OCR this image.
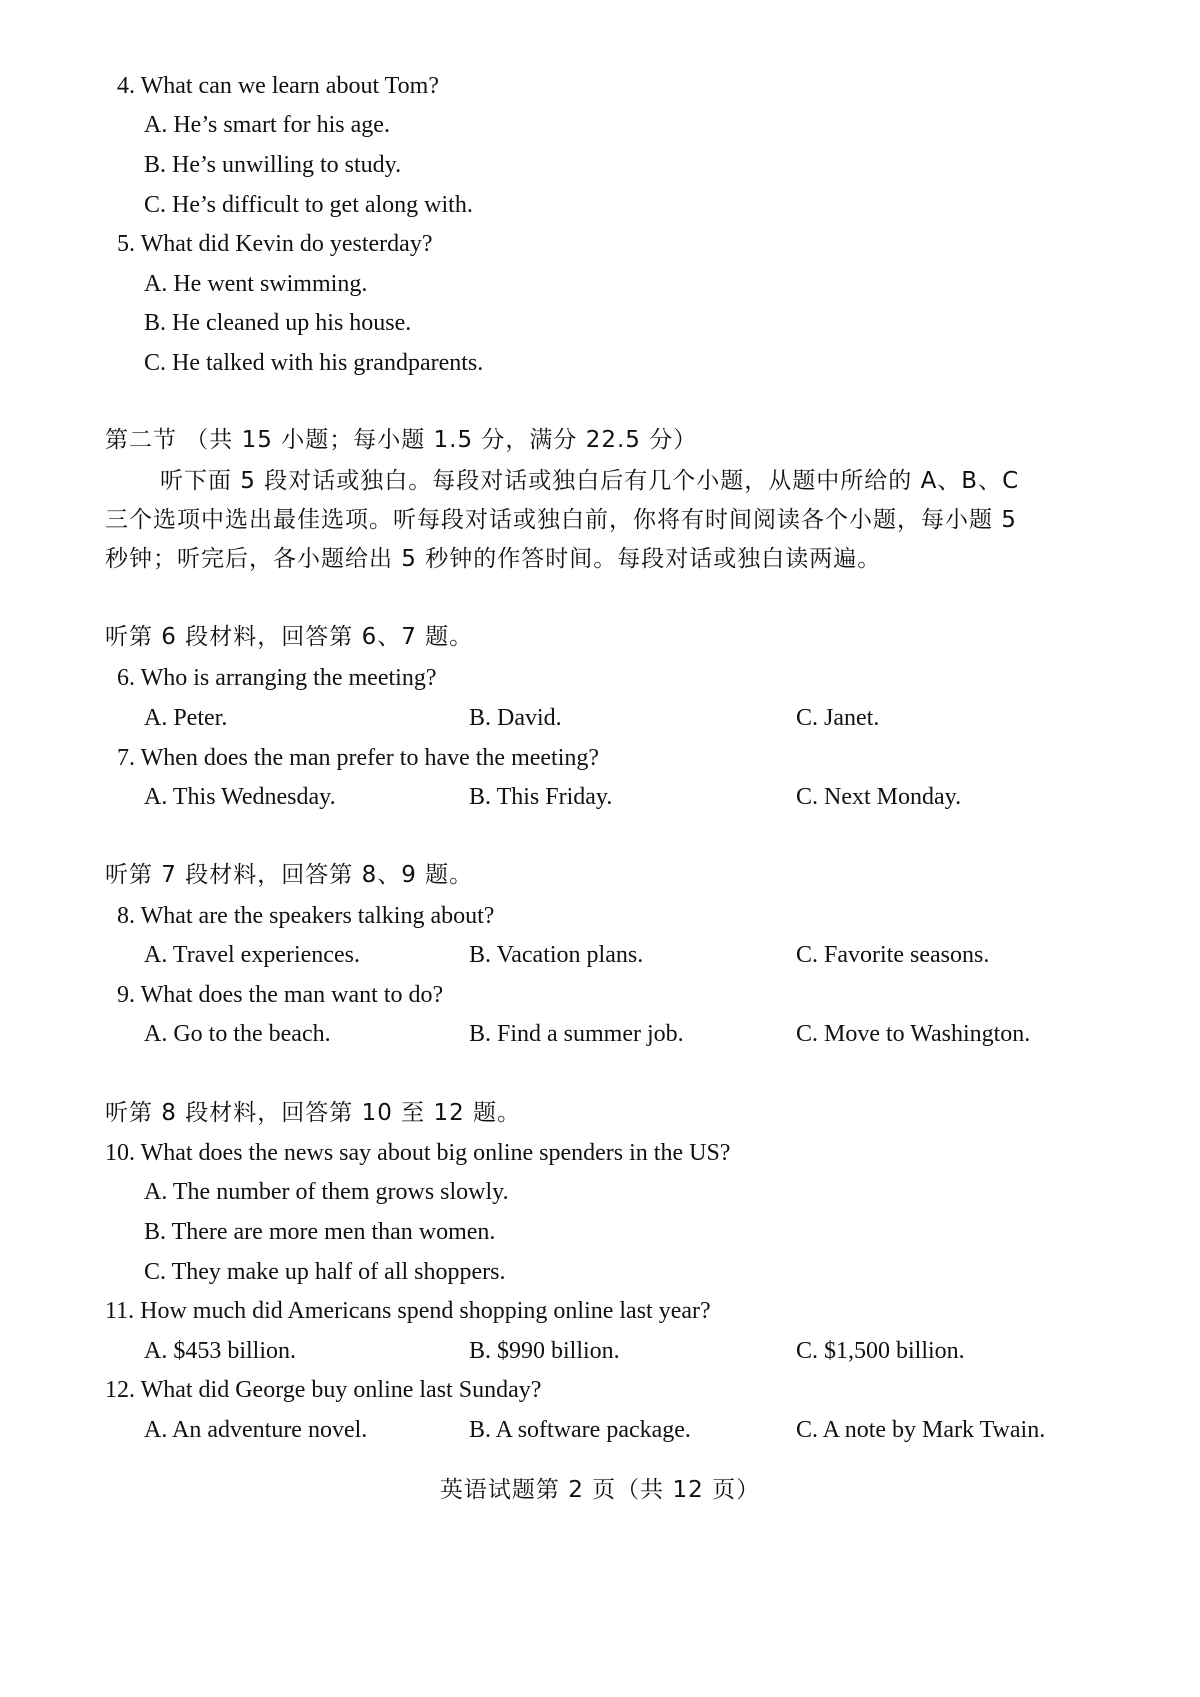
4. What can we learn about Tom?
A. He’s smart for his age.
B. He’s unwilling to study.
C. He’s difficult to get along with.
5. What did Kevin do yesterday?
A. He went swimming.
B. He cleaned up his house.
C. He talked with his grandparents.
第二节 （共 15 小题；每小题 1.5 分，满分 22.5 分）
听下面 5 段对话或独白。每段对话或独白后有几个小题，从题中所给的 A、B、C
三个选项中选出最佳选项。听每段对话或独白前，你将有时间阅读各个小题，每小题 5
秒钟；听完后，各小题给出 5 秒钟的作答时间。每段对话或独白读两遍。
听第 6 段材料，回答第 6、7 题。
6. Who is arranging the meeting?
A. Peter.	B. David.	C. Janet.
7. When does the man prefer to have the meeting?
A. This Wednesday.	B. This Friday.	C. Next Monday.
听第 7 段材料，回答第 8、9 题。
8. What are the speakers talking about?
A. Travel experiences.	B. Vacation plans.	C. Favorite seasons.
9. What does the man want to do?
A. Go to the beach.	B. Find a summer job.	C. Move to Washington.
听第 8 段材料，回答第 10 至 12 题。
10. What does the news say about big online spenders in the US?
A. The number of them grows slowly.
B. There are more men than women.
C. They make up half of all shoppers.
11. How much did Americans spend shopping online last year?
A. $453 billion.	B. $990 billion.	C. $1,500 billion.
12. What did George buy online last Sunday?
A. An adventure novel.	B. A software package.	C. A note by Mark Twain.
英语试题第 2 页（共 12 页）
